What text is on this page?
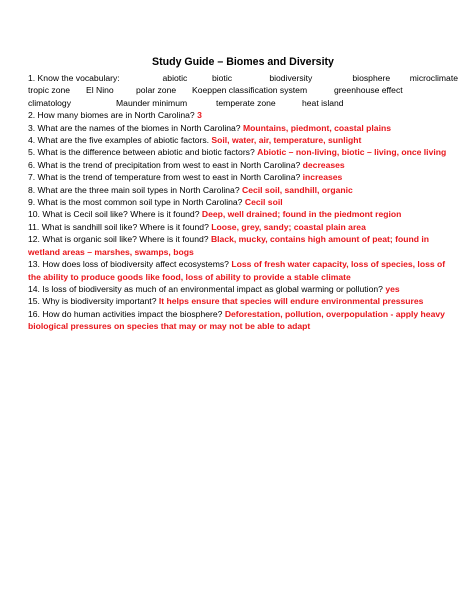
Study Guide – Biomes and Diversity
1. Know the vocabulary:	abiotic	biotic	biodiversity	biosphere	microclimate
tropic zone	El Nino	polar zone	Koeppen classification system	greenhouse effect
climatology	Maunder minimum	temperate zone	heat island
2. How many biomes are in North Carolina? 3
3. What are the names of the biomes in North Carolina? Mountains, piedmont, coastal plains
4. What are the five examples of abiotic factors. Soil, water, air, temperature, sunlight
5. What is the difference between abiotic and biotic factors? Abiotic – non-living, biotic – living, once living
6. What is the trend of precipitation from west to east in North Carolina? decreases
7. What is the trend of temperature from west to east in North Carolina? increases
8. What are the three main soil types in North Carolina? Cecil soil, sandhill, organic
9. What is the most common soil type in North Carolina? Cecil soil
10. What is Cecil soil like? Where is it found? Deep, well drained; found in the piedmont region
11. What is sandhill soil like? Where is it found? Loose, grey, sandy; coastal plain area
12. What is organic soil like? Where is it found? Black, mucky, contains high amount of peat; found in wetland areas – marshes, swamps, bogs
13. How does loss of biodiversity affect ecosystems? Loss of fresh water capacity, loss of species, loss of the ability to produce goods like food, loss of ability to provide a stable climate
14. Is loss of biodiversity as much of an environmental impact as global warming or pollution? yes
15. Why is biodiversity important? It helps ensure that species will endure environmental pressures
16. How do human activities impact the biosphere? Deforestation, pollution, overpopulation - apply heavy biological pressures on species that may or may not be able to adapt
